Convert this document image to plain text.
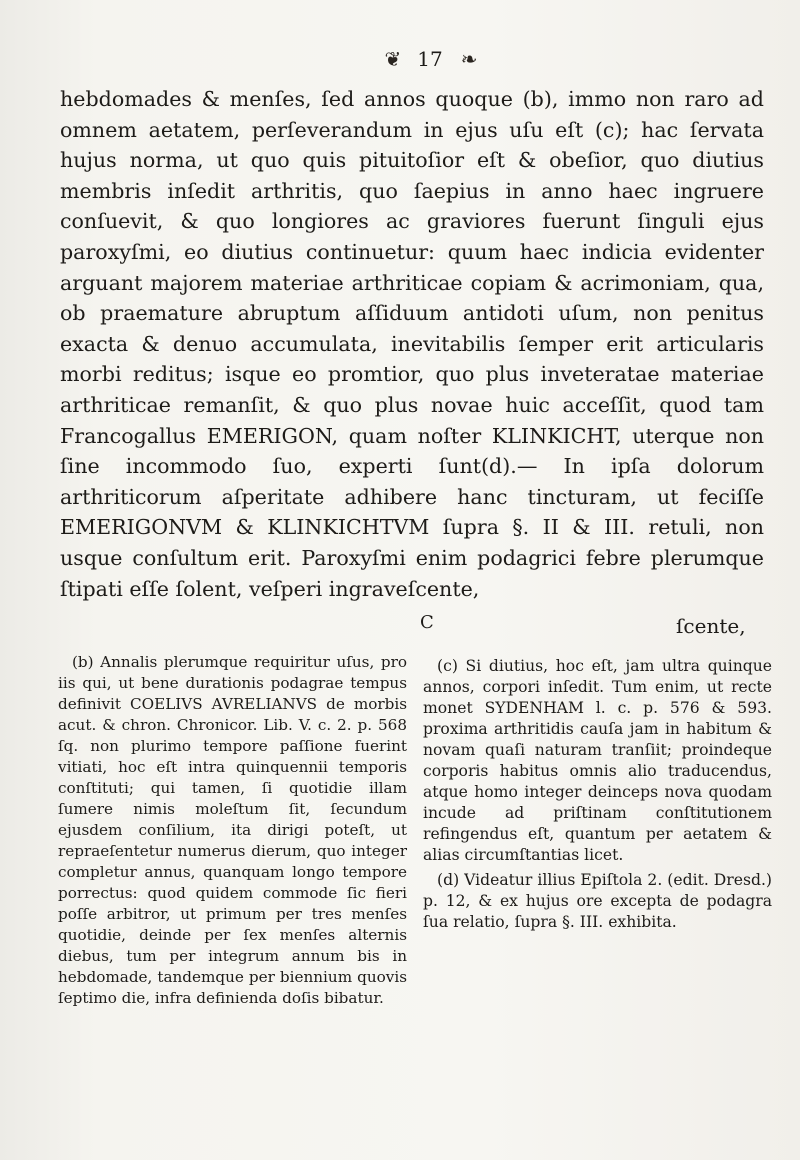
❦ 17 ❧

hebdomades & menſes, ſed annos quoque (b), immo non raro ad omnem aetatem, perſeverandum in ejus uſu eſt (c); hac ſervata hujus norma, ut quo quis pituitoſior eſt & obeſior, quo diutius membris inſedit arthritis, quo ſaepius in anno haec ingruere conſuevit, & quo longiores ac graviores fuerunt ſinguli ejus paroxyſmi, eo diutius continuetur: quum haec indicia evidenter arguant majorem materiae arthriticae copiam & acrimoniam, qua, ob praemature abruptum aſſiduum antidoti uſum, non penitus exacta & denuo accumulata, inevitabilis ſemper erit articularis morbi reditus; isque eo promtior, quo plus inveteratae materiae arthriticae remanſit, & quo plus novae huic acceſſit, quod tam Francogallus EMERIGON, quam noſter KLINKICHT, uterque non ſine incommodo ſuo, experti ſunt(d).— In ipſa dolorum arthriticorum aſperitate adhibere hanc tincturam, ut feciſſe EMERIGONVM & KLINKICHTVM ſupra §. II & III. retuli, non usque conſultum erit. Paroxyſmi enim podagrici febre plerumque ſtipati eſſe ſolent, veſperi ingraveſcente,

C	ſcente,

(b) Annalis plerumque requiritur uſus, pro iis qui, ut bene durationis podagrae tempus definivit COELIVS AVRELIANVS de morbis acut. & chron. Chronicor. Lib. V. c. 2. p. 568 ſq. non plurimo tempore paſſione fuerint vitiati, hoc eſt intra quinquennii temporis conſtituti; qui tamen, ſi quotidie illam ſumere nimis moleſtum ſit, ſecundum ejusdem conſilium, ita dirigi poteſt, ut repraeſentetur numerus dierum, quo integer completur annus, quanquam longo tempore porrectus: quod quidem commode ſic fieri poſſe arbitror, ut primum per tres menſes quotidie, deinde per ſex menſes alternis diebus, tum per integrum annum bis in hebdomade, tandemque per biennium quovis ſeptimo die, infra definienda doſis bibatur.

(c) Si diutius, hoc eſt, jam ultra quinque annos, corpori inſedit. Tum enim, ut recte monet SYDENHAM l. c. p. 576 & 593. proxima arthritidis cauſa jam in habitum & novam quaſi naturam tranſiit; proindeque corporis habitus omnis alio traducendus, atque homo integer deinceps nova quodam incude ad priſtinam conſtitutionem refingendus eſt, quantum per aetatem & alias circumſtantias licet.

(d) Videatur illius Epiſtola 2. (edit. Dresd.) p. 12, & ex hujus ore excepta de podagra ſua relatio, ſupra §. III. exhibita.
